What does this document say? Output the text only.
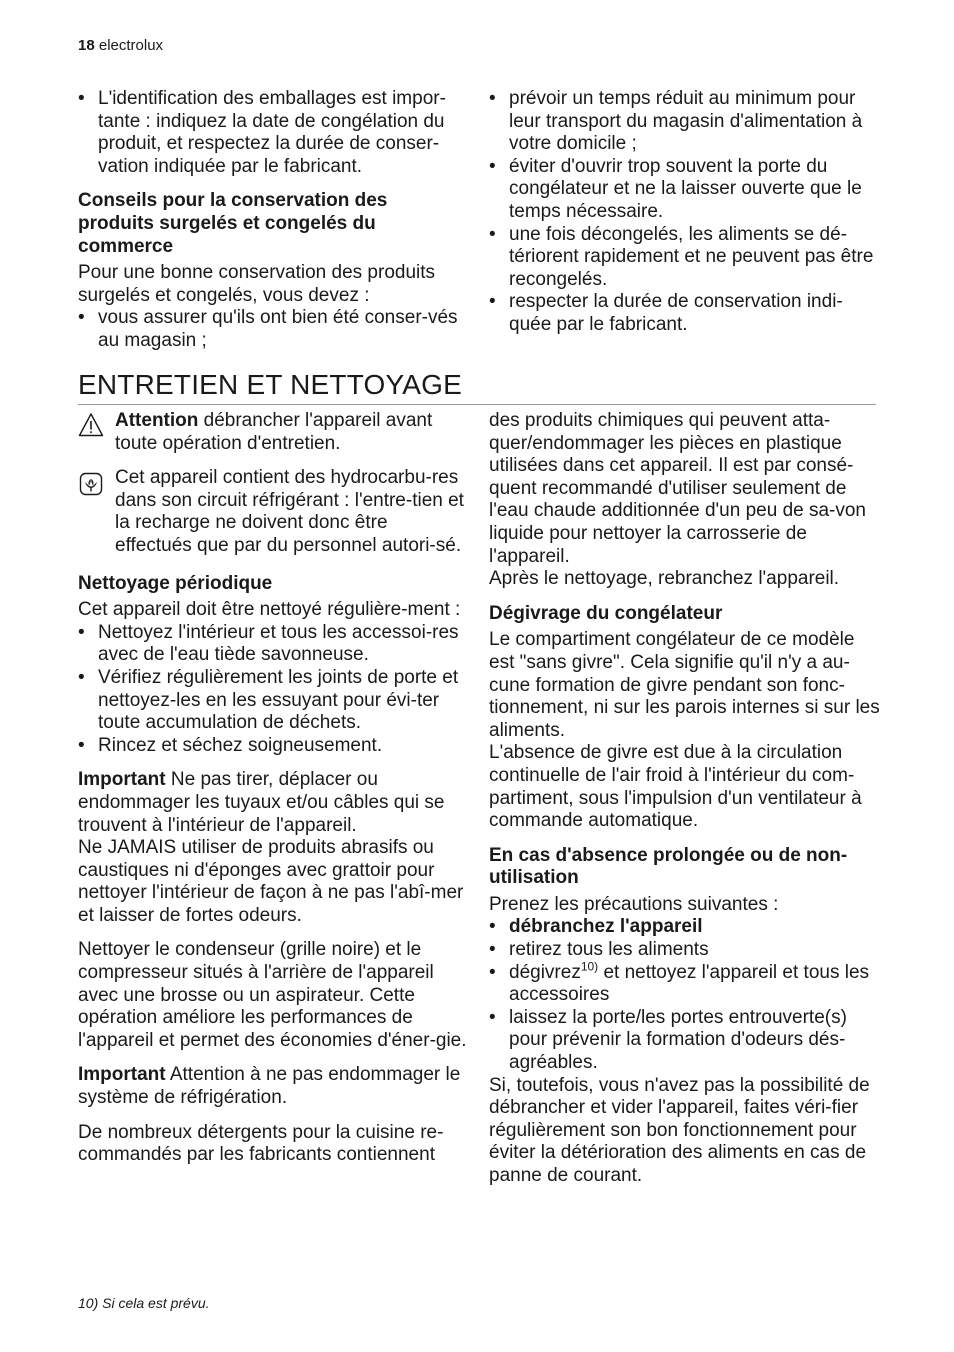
18 electrolux

• L'identification des emballages est impor-tante : indiquez la date de congélation du produit, et respectez la durée de conser-vation indiquée par le fabricant.

Conseils pour la conservation des produits surgelés et congelés du commerce

Pour une bonne conservation des produits surgelés et congelés, vous devez :

• vous assurer qu'ils ont bien été conser-vés au magasin ;

• prévoir un temps réduit au minimum pour leur transport du magasin d'alimentation à votre domicile ;

• éviter d'ouvrir trop souvent la porte du congélateur et ne la laisser ouverte que le temps nécessaire.

• une fois décongelés, les aliments se dé-tériorent rapidement et ne peuvent pas être recongelés.

• respecter la durée de conservation indi-quée par le fabricant.

ENTRETIEN ET NETTOYAGE

Attention débrancher l'appareil avant toute opération d'entretien.

Cet appareil contient des hydrocarbu-res dans son circuit réfrigérant : l'entre-tien et la recharge ne doivent donc être effectués que par du personnel autori-sé.

Nettoyage périodique

Cet appareil doit être nettoyé régulière-ment :

• Nettoyez l'intérieur et tous les accessoi-res avec de l'eau tiède savonneuse.

• Vérifiez régulièrement les joints de porte et nettoyez-les en les essuyant pour évi-ter toute accumulation de déchets.

• Rincez et séchez soigneusement.

Important Ne pas tirer, déplacer ou endommager les tuyaux et/ou câbles qui se trouvent à l'intérieur de l'appareil.

Ne JAMAIS utiliser de produits abrasifs ou caustiques ni d'éponges avec grattoir pour nettoyer l'intérieur de façon à ne pas l'abî-mer et laisser de fortes odeurs.

Nettoyer le condenseur (grille noire) et le compresseur situés à l'arrière de l'appareil avec une brosse ou un aspirateur. Cette opération améliore les performances de l'appareil et permet des économies d'éner-gie.

Important Attention à ne pas endommager le système de réfrigération.

De nombreux détergents pour la cuisine re-commandés par les fabricants contiennent

des produits chimiques qui peuvent atta-quer/endommager les pièces en plastique utilisées dans cet appareil. Il est par consé-quent recommandé d'utiliser seulement de l'eau chaude additionnée d'un peu de sa-von liquide pour nettoyer la carrosserie de l'appareil.

Après le nettoyage, rebranchez l'appareil.

Dégivrage du congélateur

Le compartiment congélateur de ce modèle est "sans givre". Cela signifie qu'il n'y a au-cune formation de givre pendant son fonc-tionnement, ni sur les parois internes si sur les aliments.

L'absence de givre est due à la circulation continuelle de l'air froid à l'intérieur du com-partiment, sous l'impulsion d'un ventilateur à commande automatique.

En cas d'absence prolongée ou de non-utilisation

Prenez les précautions suivantes :

• débranchez l'appareil

• retirez tous les aliments

• dégivrez$^{10)}$ et nettoyez l'appareil et tous les accessoires

• laissez la porte/les portes entrouverte(s) pour prévenir la formation d'odeurs dés-agréables.

Si, toutefois, vous n'avez pas la possibilité de débrancher et vider l'appareil, faites véri-fier régulièrement son bon fonctionnement pour éviter la détérioration des aliments en cas de panne de courant.

10) Si cela est prévu.
